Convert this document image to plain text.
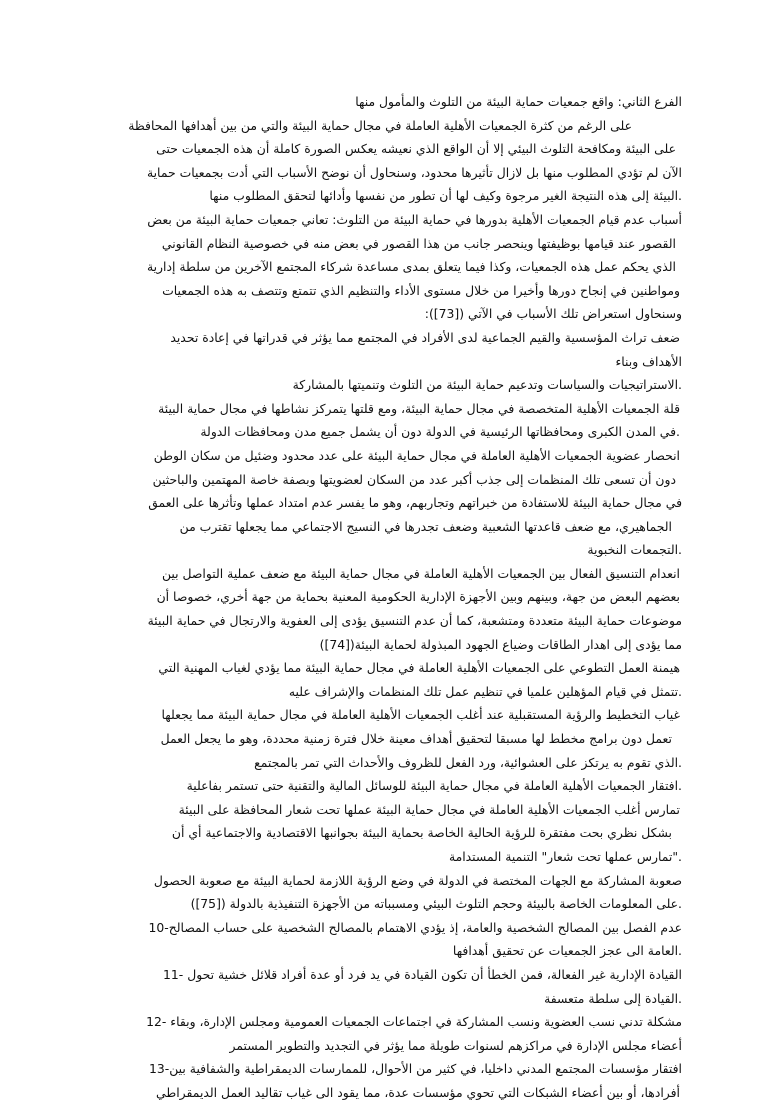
الفرع الثاني: واقع جمعيات حماية البيئة من التلوث والمأمول منها
على الرغم من كثرة الجمعيات الأهلية العاملة في مجال حماية البيئة والتي من بين أهدافها المحافظة
على البيئة ومكافحة التلوث البيئي إلا أن الواقع الذي نعيشه يعكس الصورة كاملة أن هذه الجمعيات حتى
الآن لم تؤدي المطلوب منها بل لازال تأثيرها محدود، وسنحاول أن نوضح الأسباب التي أدت بجمعيات حماية
.البيئة إلى هذه النتيجة الغير مرجوة وكيف لها أن تطور من نفسها وأدائها لتحقق المطلوب منها
أسباب عدم قيام الجمعيات الأهلية بدورها في حماية البيئة من التلوث: تعاني جمعيات حماية البيئة من بعض
القصور عند قيامها بوظيفتها وينحصر جانب من هذا القصور في بعض منه في خصوصية النظام القانوني
الذي يحكم عمل هذه الجمعيات، وكذا فيما يتعلق بمدى مساعدة شركاء المجتمع الآخرين من سلطة إدارية
ومواطنين في إنجاح دورها وأخيرا من خلال مستوى الأداء والتنظيم الذي تتمتع وتتصف به هذه الجمعيات
وسنحاول استعراض تلك الأسباب في الآتي ([73]):
ضعف تراث المؤسسية والقيم الجماعية لدى الأفراد في المجتمع مما يؤثر في قدراتها في إعادة تحديد
الأهداف وبناء
.الاستراتيجيات والسياسات وتدعيم حماية البيئة من التلوث وتنميتها بالمشاركة
قلة الجمعيات الأهلية المتخصصة في مجال حماية البيئة، ومع قلتها يتمركز نشاطها في مجال حماية البيئة
.في المدن الكبرى ومحافظاتها الرئيسية في الدولة دون أن يشمل جميع مدن ومحافظات الدولة
انحصار عضوية الجمعيات الأهلية العاملة في مجال حماية البيئة على عدد محدود وضئيل من سكان الوطن
دون أن تسعى تلك المنظمات إلى جذب أكبر عدد من السكان لعضويتها وبصفة خاصة المهتمين والباحثين
في مجال حماية البيئة للاستفادة من خبراتهم وتجاربهم، وهو ما يفسر عدم امتداد عملها وتأثرها على العمق
الجماهيري، مع ضعف قاعدتها الشعبية وضعف تجدرها في النسيج الاجتماعي مما يجعلها تقترب من
.التجمعات النخبوية
انعدام التنسيق الفعال بين الجمعيات الأهلية العاملة في مجال حماية البيئة مع ضعف عملية التواصل بين
بعضهم البعض من جهة، وبينهم وبين الأجهزة الإدارية الحكومية المعنية بحماية من جهة أخري، خصوصا أن
موضوعات حماية البيئة متعددة ومتشعبة، كما أن عدم التنسيق يؤدى إلى العفوية والارتجال في حماية البيئة
مما يؤدى إلى اهدار الطاقات وضياع الجهود المبذولة لحماية البيئة([74])
هيمنة العمل التطوعي على الجمعيات الأهلية العاملة في مجال حماية البيئة مما يؤدي لغياب المهنية التي
.تتمثل في قيام المؤهلين علميا في تنظيم عمل تلك المنظمات والإشراف عليه
غياب التخطيط والرؤية المستقبلية عند أغلب الجمعيات الأهلية العاملة في مجال حماية البيئة مما يجعلها
تعمل دون برامج مخطط لها مسبقا لتحقيق أهداف معينة خلال فترة زمنية محددة، وهو ما يجعل العمل
.الذي تقوم به يرتكز على العشوائية، ورد الفعل للظروف والأحداث التي تمر بالمجتمع
.افتقار الجمعيات الأهلية العاملة في مجال حماية البيئة للوسائل المالية والتقنية حتى تستمر بفاعلية
تمارس أغلب الجمعيات الأهلية العاملة في مجال حماية البيئة عملها تحت شعار المحافظة على البيئة
بشكل نظري بحت مفتقرة للرؤية الحالية الخاصة بحماية البيئة بجوانبها الاقتصادية والاجتماعية أي أن
."تمارس عملها تحت شعار" التنمية المستدامة
صعوبة المشاركة مع الجهات المختصة في الدولة في وضع الرؤية اللازمة لحماية البيئة مع صعوبة الحصول
.على المعلومات الخاصة بالبيئة وحجم التلوث البيئي ومسبباته من الأجهزة التنفيذية بالدولة ([75])
عدم الفصل بين المصالح الشخصية والعامة، إذ يؤدي الاهتمام بالمصالح الشخصية على حساب المصالح-10
.العامة الى عجز الجمعيات عن تحقيق أهدافها
القيادة الإدارية غير الفعالة، فمن الخطأ أن تكون القيادة في يد فرد أو عدة أفراد قلائل خشية تحول -11
.القيادة إلى سلطة متعسفة
مشكلة تدني نسب العضوية ونسب المشاركة في اجتماعات الجمعيات العمومية ومجلس الإدارة، وبقاء -12
أعضاء مجلس الإدارة في مراكزهم لسنوات طويلة مما يؤثر في التجديد والتطوير المستمر
افتقار مؤسسات المجتمع المدني داخليا، في كثير من الأحوال، للممارسات الديمقراطية والشفافية بين-13
أفرادها، أو بين أعضاء الشبكات التي تحوي مؤسسات عدة، مما يقود الى غياب تقاليد العمل الديمقراطي
